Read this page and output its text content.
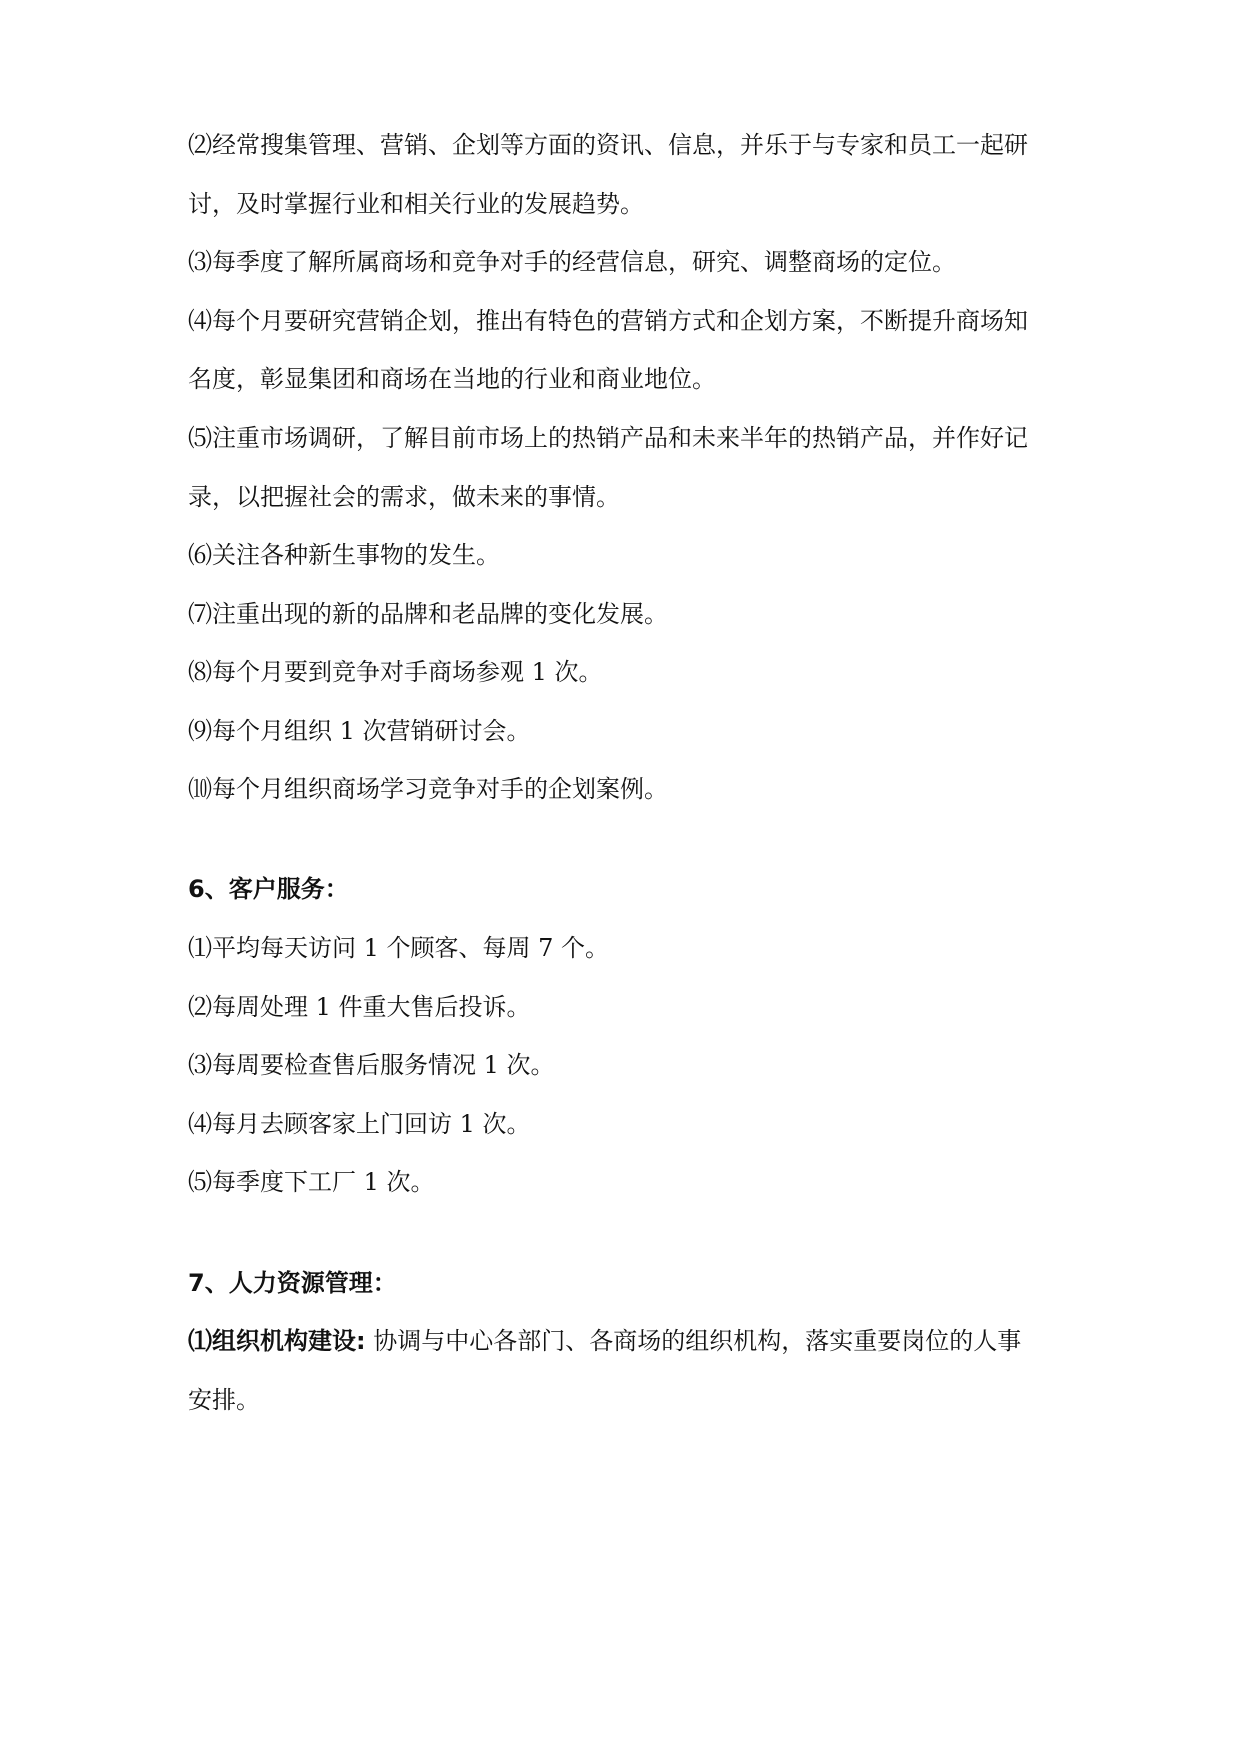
⑵经常搜集管理、营销、企划等方面的资讯、信息，并乐于与专家和员工一起研
讨，及时掌握行业和相关行业的发展趋势。
⑶每季度了解所属商场和竞争对手的经营信息，研究、调整商场的定位。
⑷每个月要研究营销企划，推出有特色的营销方式和企划方案，不断提升商场知
名度，彰显集团和商场在当地的行业和商业地位。
⑸注重市场调研，了解目前市场上的热销产品和未来半年的热销产品，并作好记
录，以把握社会的需求，做未来的事情。
⑹关注各种新生事物的发生。
⑺注重出现的新的品牌和老品牌的变化发展。
⑻每个月要到竞争对手商场参观 1 次。
⑼每个月组织 1 次营销研讨会。
⑽每个月组织商场学习竞争对手的企划案例。
6、客户服务：
⑴平均每天访问 1 个顾客、每周 7 个。
⑵每周处理 1 件重大售后投诉。
⑶每周要检查售后服务情况 1 次。
⑷每月去顾客家上门回访 1 次。
⑸每季度下工厂 1 次。
7、人力资源管理：
⑴组织机构建设: 协调与中心各部门、各商场的组织机构，落实重要岗位的人事
安排。
